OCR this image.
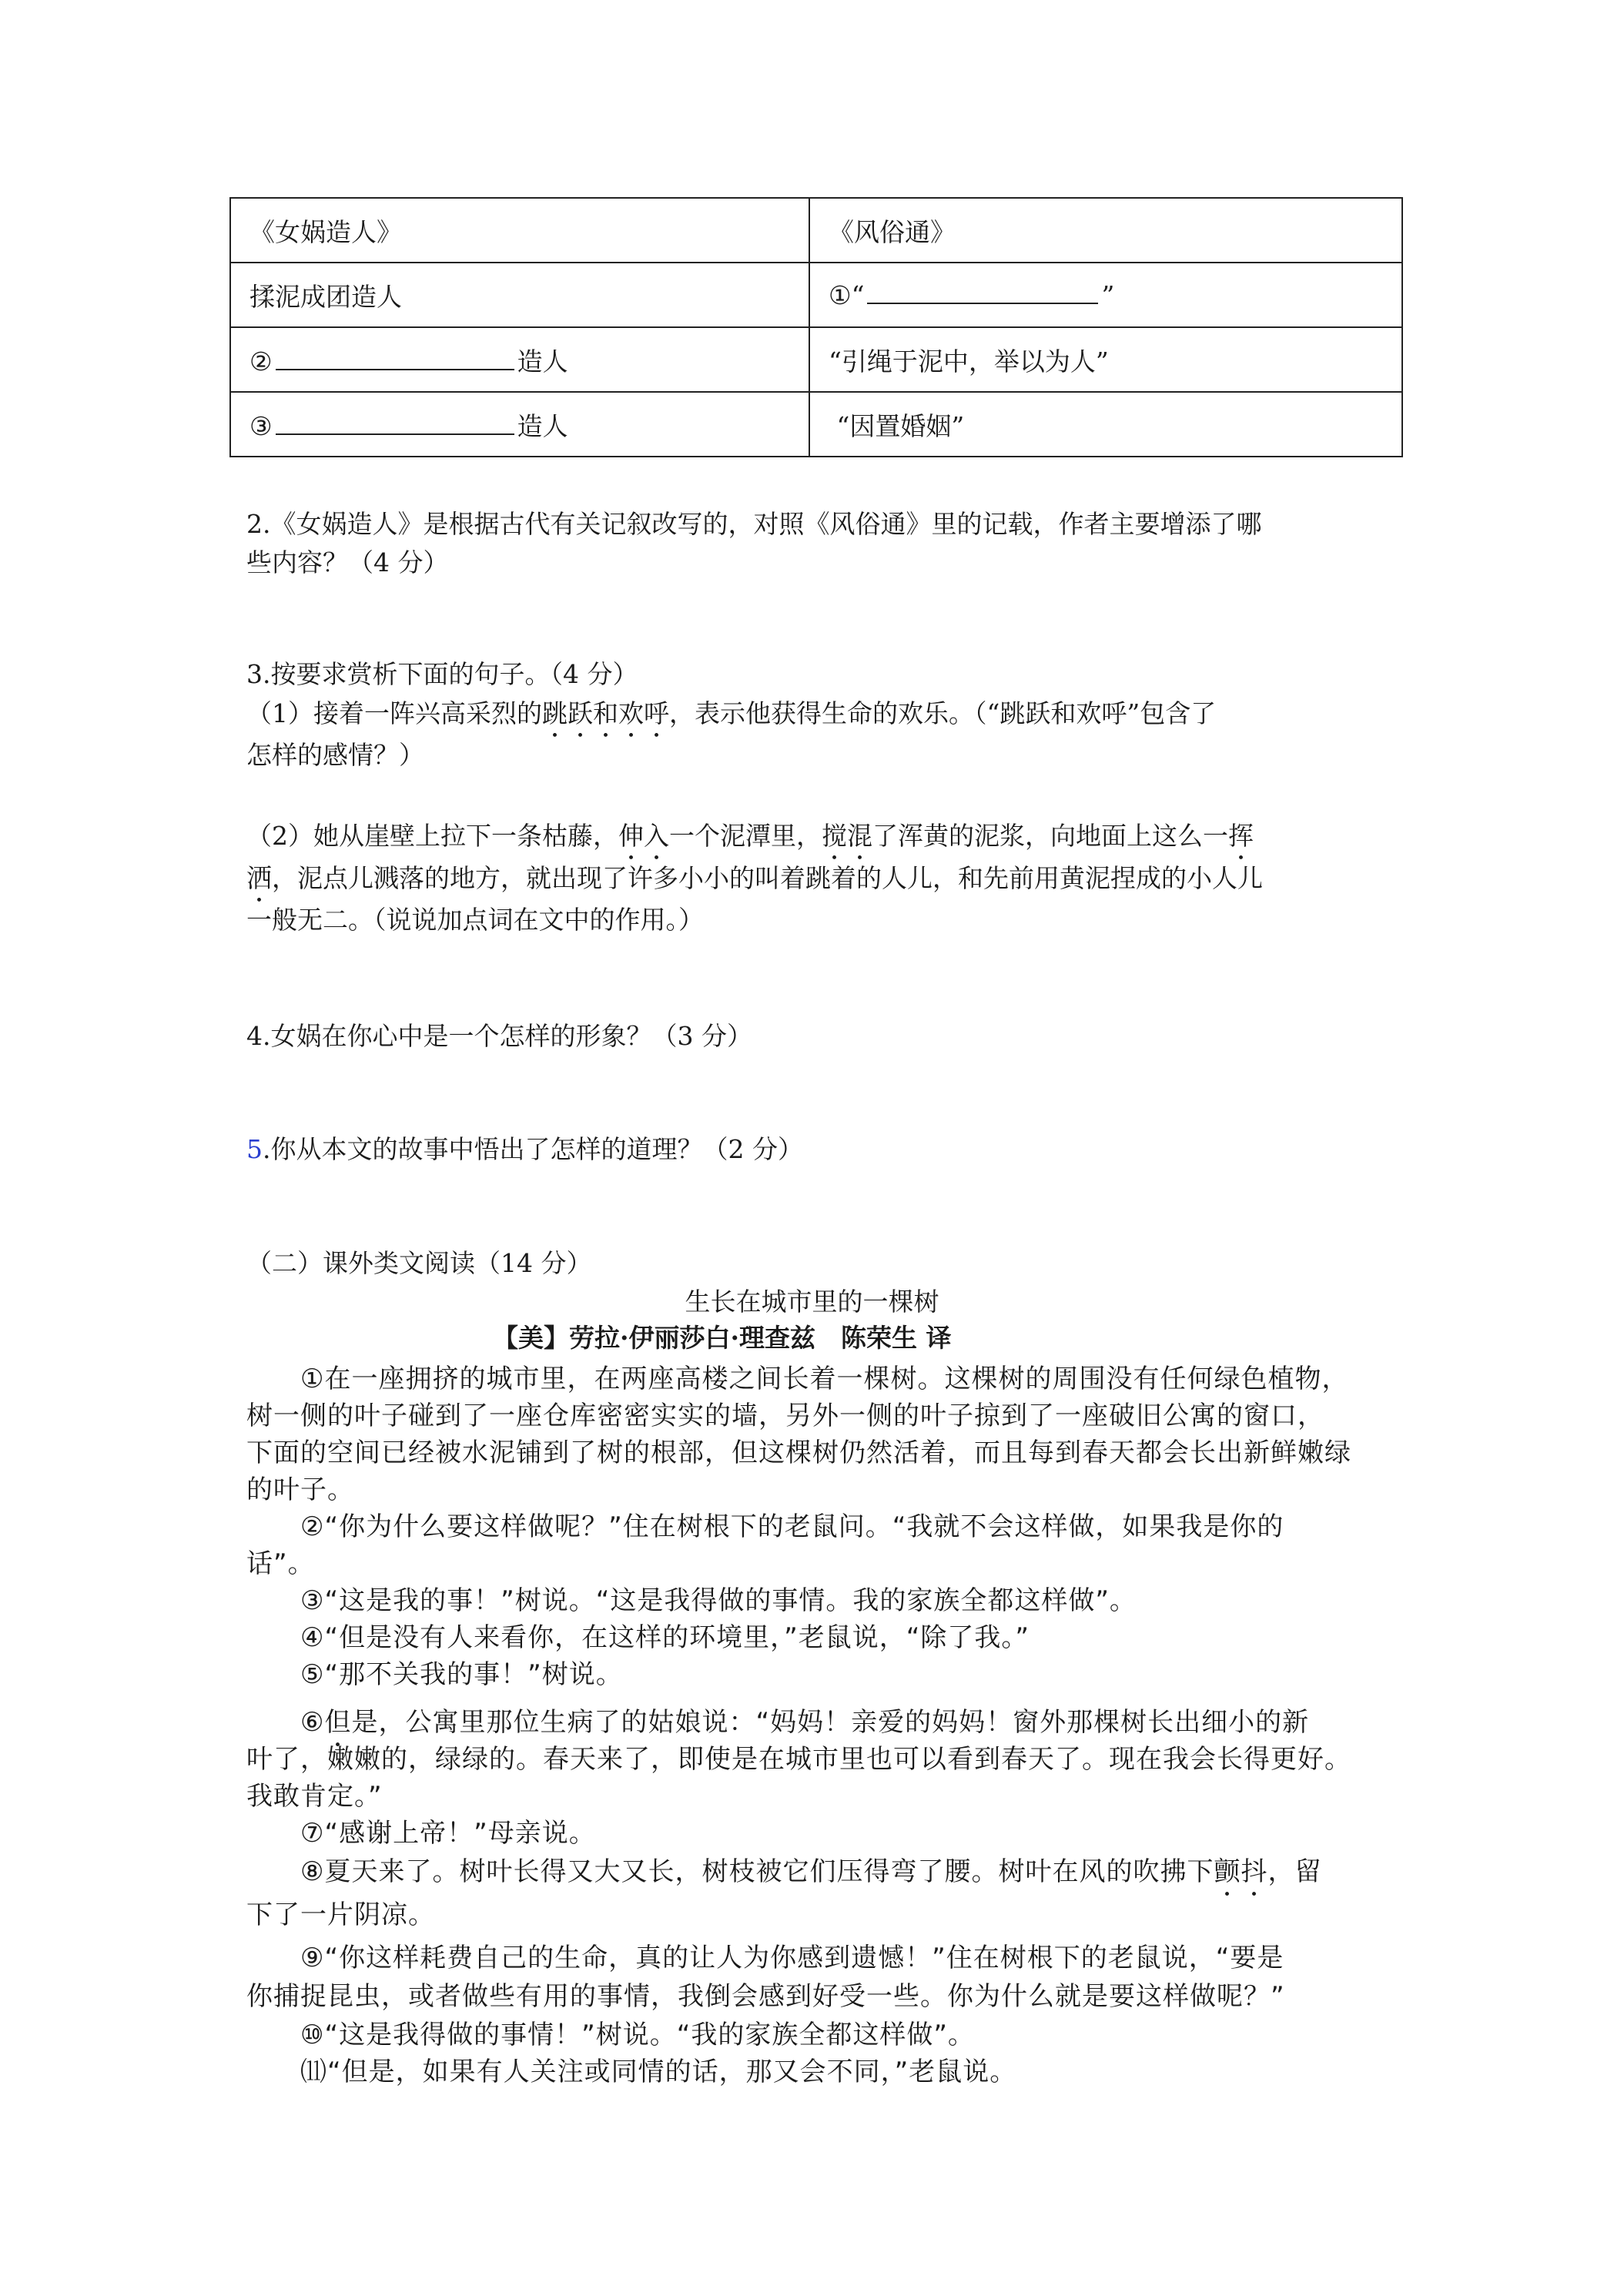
《女娲造人》	《风俗通》
揉泥成团造人	①“ ”
② 造人	“引绳于泥中，举以为人”
③ 造人	“因置婚姻”
2.《女娲造人》是根据古代有关记叙改写的，对照《风俗通》里的记载，作者主要增添了哪
些内容？（4 分）
3.按要求赏析下面的句子。（4 分）
（1）接着一阵兴高采烈的跳跃和欢呼，表示他获得生命的欢乐。（“跳跃和欢呼”包含了
怎样的感情？）
（2）她从崖壁上拉下一条枯藤，伸入一个泥潭里，搅混了浑黄的泥浆，向地面上这么一挥
洒，泥点儿溅落的地方，就出现了许多小小的叫着跳着的人儿，和先前用黄泥捏成的小人儿
一般无二。（说说加点词在文中的作用。）
4.女娲在你心中是一个怎样的形象？（3 分）
5.你从本文的故事中悟出了怎样的道理？（2 分）
（二）课外类文阅读（14 分）
生长在城市里的一棵树
【美】劳拉·伊丽莎白·理查兹　陈荣生 译
①在一座拥挤的城市里，在两座高楼之间长着一棵树。这棵树的周围没有任何绿色植物，
树一侧的叶子碰到了一座仓库密密实实的墙，另外一侧的叶子掠到了一座破旧公寓的窗口，
下面的空间已经被水泥铺到了树的根部，但这棵树仍然活着，而且每到春天都会长出新鲜嫩绿
的叶子。
②“你为什么要这样做呢？”住在树根下的老鼠问。“我就不会这样做，如果我是你的
话”。
③“这是我的事！”树说。“这是我得做的事情。我的家族全都这样做”。
④“但是没有人来看你，在这样的环境里，”老鼠说，“除了我。”
⑤“那不关我的事！”树说。
⑥但是，公寓里那位生病了的姑娘说：“妈妈！亲爱的妈妈！窗外那棵树长出细小的新
叶了，嫩嫩的，绿绿的。春天来了，即使是在城市里也可以看到春天了。现在我会长得更好。
我敢肯定。”
⑦“感谢上帝！”母亲说。
⑧夏天来了。树叶长得又大又长，树枝被它们压得弯了腰。树叶在风的吹拂下颤抖，留
下了一片阴凉。
⑨“你这样耗费自己的生命，真的让人为你感到遗憾！”住在树根下的老鼠说，“要是
你捕捉昆虫，或者做些有用的事情，我倒会感到好受一些。你为什么就是要这样做呢？”
⑩“这是我得做的事情！”树说。“我的家族全都这样做”。
⑾“但是，如果有人关注或同情的话，那又会不同，”老鼠说。
